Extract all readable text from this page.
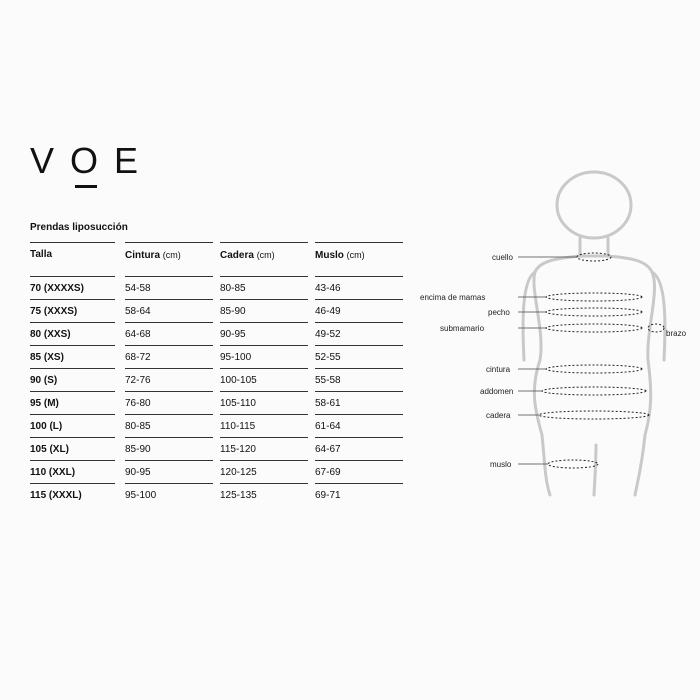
VOE
Prendas liposucción
Talla
70 (XXXXS)
75 (XXXS)
80 (XXS)
85 (XS)
90 (S)
95 (M)
100 (L)
105 (XL)
110 (XXL)
115 (XXXL)
Cintura (cm)
54-58
58-64
64-68
68-72
72-76
76-80
80-85
85-90
90-95
95-100
Cadera (cm)
80-85
85-90
90-95
95-100
100-105
105-110
110-115
115-120
120-125
125-135
Muslo (cm)
43-46
46-49
49-52
52-55
55-58
58-61
61-64
64-67
67-69
69-71
cuello
encima de mamas
pecho
submamario
brazo
cintura
addomen
cadera
muslo
